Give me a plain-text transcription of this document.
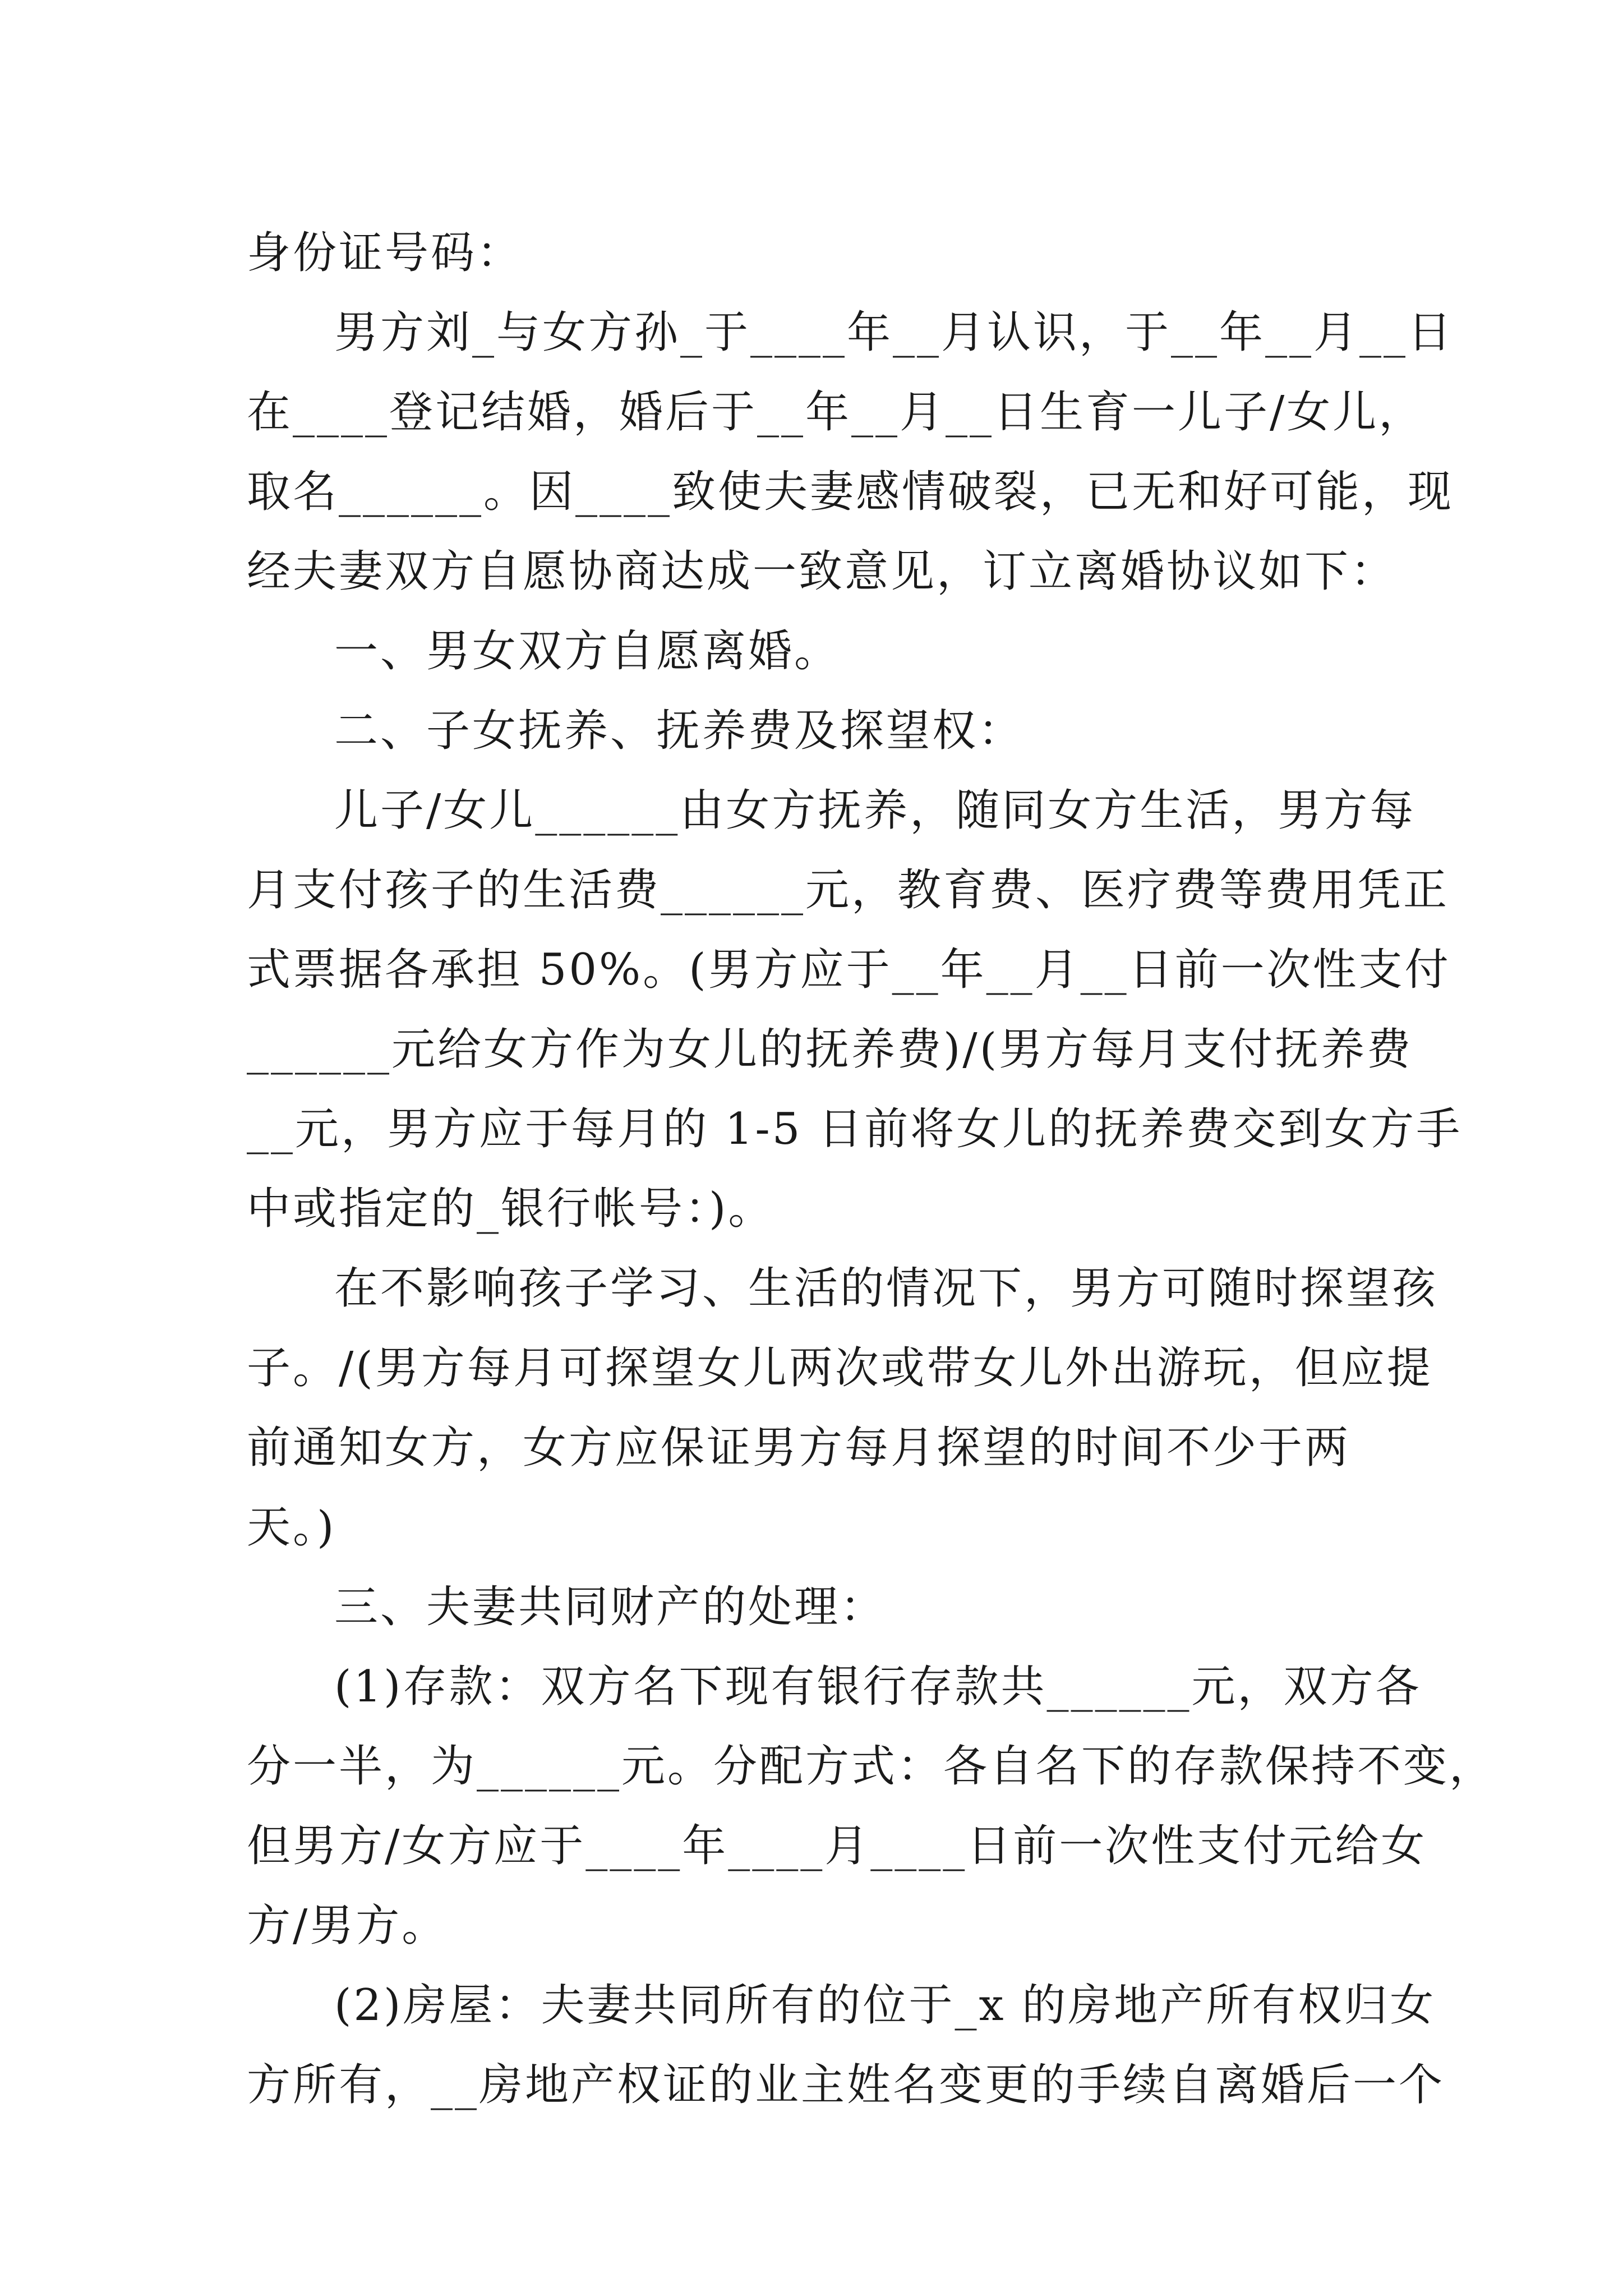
身份证号码：
男方刘_与女方孙_于____年__月认识，于__年__月__日
在____登记结婚，婚后于__年__月__日生育一儿子/女儿，
取名______。因____致使夫妻感情破裂，已无和好可能，现
经夫妻双方自愿协商达成一致意见，订立离婚协议如下：
一、男女双方自愿离婚。
二、子女抚养、抚养费及探望权：
儿子/女儿______由女方抚养，随同女方生活，男方每
月支付孩子的生活费______元，教育费、医疗费等费用凭正
式票据各承担 50%。(男方应于__年__月__日前一次性支付
______元给女方作为女儿的抚养费)/(男方每月支付抚养费
__元，男方应于每月的 1-5 日前将女儿的抚养费交到女方手
中或指定的_银行帐号：)。
在不影响孩子学习、生活的情况下，男方可随时探望孩
子。/(男方每月可探望女儿两次或带女儿外出游玩，但应提
前通知女方，女方应保证男方每月探望的时间不少于两
天。)
三、夫妻共同财产的处理：
(1)存款：双方名下现有银行存款共______元，双方各
分一半，为______元。分配方式：各自名下的存款保持不变，
但男方/女方应于____年____月____日前一次性支付元给女
方/男方。
(2)房屋：夫妻共同所有的位于_x 的房地产所有权归女
方所有，__房地产权证的业主姓名变更的手续自离婚后一个
